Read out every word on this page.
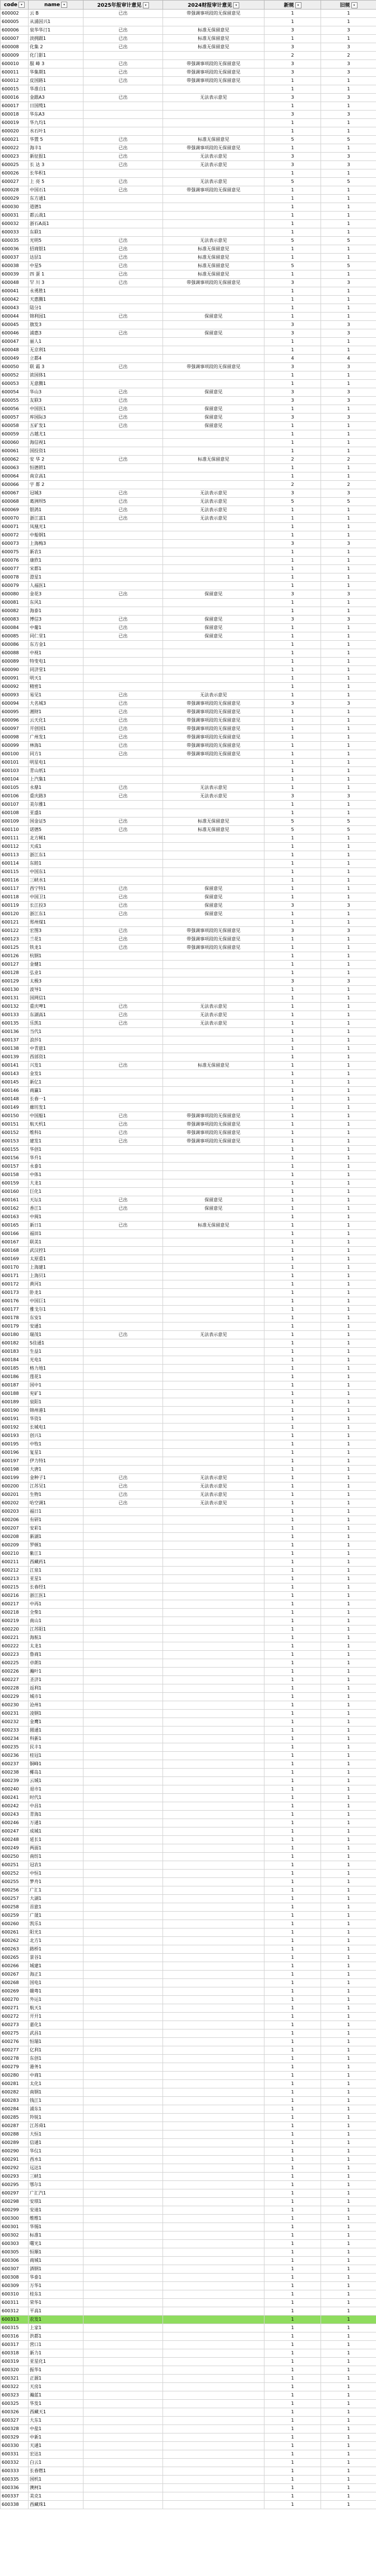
code ▾	name ▾	2025年报审计意见 ▾	2024财报审计意见 ▾	新规 ▾	旧规 ▾
600002	云 B	已出	带强调事项段的无保留意见	1	1
600005	从涌因兴1			1	1
600006	泉华华汀1	已出	标准无保留意见	3	3
600007	淡拥跟1	已出	标准无保留意见	1	1
600008	化集 2	已出	标准无保留意见	3	3
600009	化门影1			2	2
600010	服 峰 3	已出	带强调事项段的无保留意见	3	3
600011	华集期1	已出	带强调事项段的无保留意见	3	3
600012	皮国路1	已出	带强调事项段的无保留意见	1	1
600015	华准自1			1	1
600016	金跟A3	已出	无法表示意见	3	3
600017	日国缆1			1	1
600018	华东A3			3	3
600019	华九均1			1	1
600020	水石叶1			1	1
600021	华置 5	已出	标准无保留意见	5	5
600022	海丰1	已出	带强调事项段的无保留意见	1	1
600023	新征报1	已出	无法表示意见	3	3
600025	长 达 3	已出	无法表示意见	3	3
600026	长华积1			1	1
600027	上 亮 5	已出	无法表示意见	5	5
600028	中国石1	已出	带强调事项段的无保留意见	1	1
600029	东方通1			1	1
600030	道德1			1	1
600031	都云战1			1	1
600032	浙石A高1			1	1
600033	东联1			1	1
600035	光明5	已出	无法表示意见	5	5
600036	招商银1	已出	标准无保留意见	1	1
600037	达层1	已出	标准无保留意见	1	1
600038	中星5	已出	标准无保留意见	5	5
600039	四 蛋 1	已出	标准无保留意见	1	1
600048	罕 川 3	已出	带强调事项段的无保留意见	3	3
600041	永勇胜1			1	1
600042	天惠腾1			1	1
600043	陆分1			1	1
600044	锦利园1	已出	保留意见	1	1
600045	旗发3			3	3
600046	浦惠3	已出	保留意见	3	3
600047	丽人1			1	1
600048	无京利1			1	1
600049	立都4			4	4
600050	联 霜 3	已出	带强调事项段的无保留意见	3	3
600052	浓国体1			1	1
600053	无意腾1			1	1
600054	华山3	已出	保留意见	3	3
600055	友联3	已出		3	3
600056	中国医1	已出	保留意见	1	1
600057	库国际3	已出	保留意见	3	3
600058	五矿发1	已出	保留意见	1	1
600059	古越尤1			1	1
600060	海信视1			1	1
600061	国投资1			1	1
600062	安 华 2	已出	标准无保留意见	2	2
600063	恒德锁1			1	1
600064	南京高1			1	1
600066	宇 都 2			2	2
600067	冠城3	已出	无法表示意见	3	3
600068	葛洲坝5	已出	无法表示意见	5	5
600069	银鸽1	已出	无法表示意见	1	1
600070	浙江富1	已出	无法表示意见	1	1
600071	凤凰光1			1	1
600072	中船钢1			1	1
600073	上海梅3			3	3
600075	新农1			1	1
600076	康欣1			1	1
600077	宋都1			1	1
600078	澄星1			1	1
600079	人福医1			1	1
600080	金花3	已出	保留意见	3	3
600081	东风1			1	1
600082	海泰1			1	1
600083	博信3	已出	保留意见	3	3
600084	中葡1	已出	保留意见	1	1
600085	同仁堂1	已出	保留意见	1	1
600086	东方金1			1	1
600088	中视1			1	1
600089	特变电1			1	1
600090	同济堂1			1	1
600091	明天1			1	1
600092	精密1			1	1
600093	易见1	已出	无法表示意见	1	1
600094	大名城3	已出	带强调事项段的无保留意见	3	3
600095	湘财1	已出	带强调事项段的无保留意见	1	1
600096	云天化1	已出	带强调事项段的无保留意见	1	1
600097	开创国1	已出	带强调事项段的无保留意见	1	1
600098	广州发1	已出	带强调事项段的无保留意见	1	1
600099	林海1	已出	带强调事项段的无保留意见	1	1
600100	同方1	已出	带强调事项段的无保留意见	1	1
600101	明星电1			1	1
600103	青山纸1			1	1
600104	上汽集1			1	1
600105	永鼎1	已出	无法表示意见	1	1
600106	重庆路3	已出	无法表示意见	3	3
600107	美尔雅1			1	1
600108	亚盛1			1	1
600109	国金证5	已出	标准无保留意见	5	5
600110	诺德5	已出	标准无保留意见	5	5
600111	北方稀1			1	1
600112	天成1			1	1
600113	浙江东1			1	1
600114	东睦1			1	1
600115	中国东1			1	1
600116	三峡水1			1	1
600117	西宁特1	已出	保留意见	1	1
600118	中国卫1	已出	保留意见	1	1
600119	长江投3	已出	保留意见	3	3
600120	浙江东1	已出	保留意见	1	1
600121	郑州煤1			1	1
600122	宏图3	已出	带强调事项段的无保留意见	3	3
600123	兰花1	已出	带强调事项段的无保留意见	1	1
600125	铁龙1	已出	带强调事项段的无保留意见	1	1
600126	杭钢1			1	1
600127	金健1			1	1
600128	弘业1			1	1
600129	太极3			3	3
600130	波导1			1	1
600131	国网信1			1	1
600132	重庆啤1	已出	无法表示意见	1	1
600133	东湖高1	已出	无法表示意见	1	1
600135	乐凯1	已出	无法表示意见	1	1
600136	当代1			1	1
600137	浪莎1			1	1
600138	中青旅1			1	1
600139	西部资1			1	1
600141	兴发1	已出	标准无保留意见	1	1
600143	金发1			1	1
600145	新亿1			1	1
600146	商赢1			1	1
600148	长春一1			1	1
600149	廊坊发1			1	1
600150	中国船1	已出	带强调事项段的无保留意见	1	1
600151	航天机1	已出	带强调事项段的无保留意见	1	1
600152	维科1	已出	带强调事项段的无保留意见	1	1
600153	建发1	已出	带强调事项段的无保留意见	1	1
600155	华创1			1	1
600156	华升1			1	1
600157	永泰1			1	1
600158	中体1			1	1
600159	大龙1			1	1
600160	巨化1			1	1
600161	天坛1	已出	保留意见	1	1
600162	香江1	已出	保留意见	1	1
600163	中闽1			1	1
600165	新日1	已出	标准无保留意见	1	1
600166	福田1			1	1
600167	联美1			1	1
600168	武汉控1			1	1
600169	太原重1			1	1
600170	上海建1			1	1
600171	上海贝1			1	1
600172	黄河1			1	1
600173	卧龙1			1	1
600176	中国巨1			1	1
600177	雅戈尔1			1	1
600178	东安1			1	1
600179	安通1			1	1
600180	瑞茂1	已出	无法表示意见	1	1
600182	S佳通1			1	1
600183	生益1			1	1
600184	光电1			1	1
600185	格力地1			1	1
600186	莲花1			1	1
600187	国中1			1	1
600188	兖矿1			1	1
600189	泉阳1			1	1
600190	锦州港1			1	1
600191	华资1			1	1
600192	长城电1			1	1
600193	创兴1			1	1
600195	中牧1			1	1
600196	复星1			1	1
600197	伊力特1			1	1
600198	大唐1			1	1
600199	金种子1	已出	无法表示意见	1	1
600200	江苏吴1	已出	无法表示意见	1	1
600201	生物1	已出	无法表示意见	1	1
600202	哈空调1	已出	无法表示意见	1	1
600203	福日1			1	1
600206	有研1			1	1
600207	安彩1			1	1
600208	新湖1			1	1
600209	罗顿1			1	1
600210	紫江1			1	1
600211	西藏药1			1	1
600212	江泉1			1	1
600213	亚星1			1	1
600215	长春经1			1	1
600216	浙江医1			1	1
600217	中再1			1	1
600218	全柴1			1	1
600219	南山1			1	1
600220	江苏阳1			1	1
600221	海航1			1	1
600222	太龙1			1	1
600223	鲁商1			1	1
600225	卓朗1			1	1
600226	瀚叶1			1	1
600227	圣济1			1	1
600228	返利1			1	1
600229	城市1			1	1
600230	沧州1			1	1
600231	凌钢1			1	1
600232	金鹰1			1	1
600233	圆通1			1	1
600234	科新1			1	1
600235	民丰1			1	1
600236	桂冠1			1	1
600237	铜峰1			1	1
600238	椰岛1			1	1
600239	云城1			1	1
600240	退市1			1	1
600241	时代1			1	1
600242	中昌1			1	1
600243	青海1			1	1
600246	万通1			1	1
600247	成城1			1	1
600248	延长1			1	1
600249	两面1			1	1
600250	南纺1			1	1
600251	冠农1			1	1
600252	中恒1			1	1
600255	梦舟1			1	1
600256	广汇1			1	1
600257	大湖1			1	1
600258	首旅1			1	1
600259	广晟1			1	1
600260	凯乐1			1	1
600261	阳光1			1	1
600262	北方1			1	1
600263	路桥1			1	1
600265	景谷1			1	1
600266	城建1			1	1
600267	海正1			1	1
600268	国电1			1	1
600269	赣粤1			1	1
600270	外运1			1	1
600271	航天1			1	1
600272	开开1			1	1
600273	嘉化1			1	1
600275	武昌1			1	1
600276	恒瑞1			1	1
600277	亿利1			1	1
600278	东创1			1	1
600279	港务1			1	1
600280	中商1			1	1
600281	太化1			1	1
600282	南钢1			1	1
600283	钱江1			1	1
600284	浦东1			1	1
600285	羚锐1			1	1
600287	江苏舜1			1	1
600288	大恒1			1	1
600289	信通1			1	1
600290	华仪1			1	1
600291	西水1			1	1
600292	远达1			1	1
600293	三峡1			1	1
600295	鄂尔1			1	1
600297	广汇汽1			1	1
600298	安琪1			1	1
600299	安迪1			1	1
600300	维维1			1	1
600301	华锡1			1	1
600302	标准1			1	1
600303	曙光1			1	1
600305	恒顺1			1	1
600306	商城1			1	1
600307	酒钢1			1	1
600308	华泰1			1	1
600309	万华1			1	1
600310	桂东1			1	1
600311	荣华1			1	1
600312	平高1			1	1
600313	农发1			1	1
600315	上家1			1	1
600316	洪都1			1	1
600317	营口1			1	1
600318	新力1			1	1
600319	亚星化1			1	1
600320	振华1			1	1
600321	正源1			1	1
600322	天房1			1	1
600323	瀚蓝1			1	1
600325	华发1			1	1
600326	西藏天1			1	1
600327	大东1			1	1
600328	中盐1			1	1
600329	中新1			1	1
600330	天通1			1	1
600331	宏达1			1	1
600332	白云1			1	1
600333	长春燃1			1	1
600335	国机1			1	1
600336	澳柯1			1	1
600337	美克1			1	1
600338	西藏珠1			1	1
